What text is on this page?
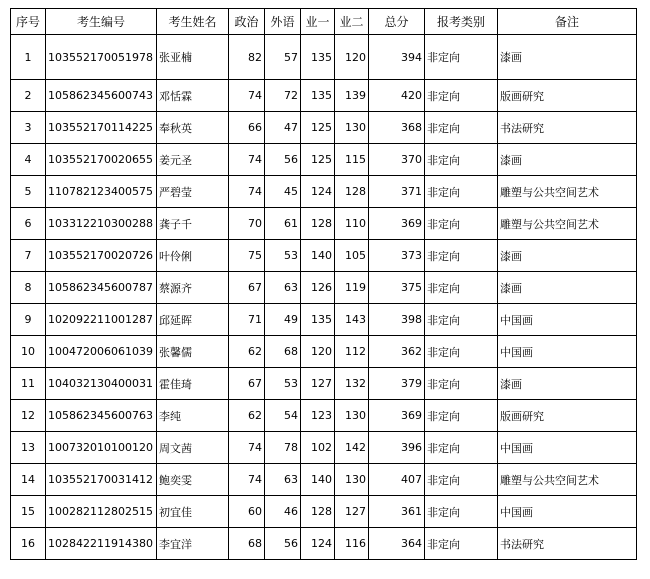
序号	考生编号	考生姓名	政治	外语	业一	业二	总分	报考类别	备注
1	103552170051978	张亚楠	82	57	135	120	394	非定向	漆画
2	105862345600743	邓恬霖	74	72	135	139	420	非定向	版画研究
3	103552170114225	奉秋英	66	47	125	130	368	非定向	书法研究
4	103552170020655	姜元圣	74	56	125	115	370	非定向	漆画
5	110782123400575	严碧莹	74	45	124	128	371	非定向	雕塑与公共空间艺术
6	103312210300288	龚子千	70	61	128	110	369	非定向	雕塑与公共空间艺术
7	103552170020726	叶伶俐	75	53	140	105	373	非定向	漆画
8	105862345600787	蔡源齐	67	63	126	119	375	非定向	漆画
9	102092211001287	邱延晖	71	49	135	143	398	非定向	中国画
10	100472006061039	张馨儒	62	68	120	112	362	非定向	中国画
11	104032130400031	霍佳琦	67	53	127	132	379	非定向	漆画
12	105862345600763	李纯	62	54	123	130	369	非定向	版画研究
13	100732010100120	周文茜	74	78	102	142	396	非定向	中国画
14	103552170031412	鲍奕雯	74	63	140	130	407	非定向	雕塑与公共空间艺术
15	100282112802515	初宜佳	60	46	128	127	361	非定向	中国画
16	102842211914380	李宜洋	68	56	124	116	364	非定向	书法研究
